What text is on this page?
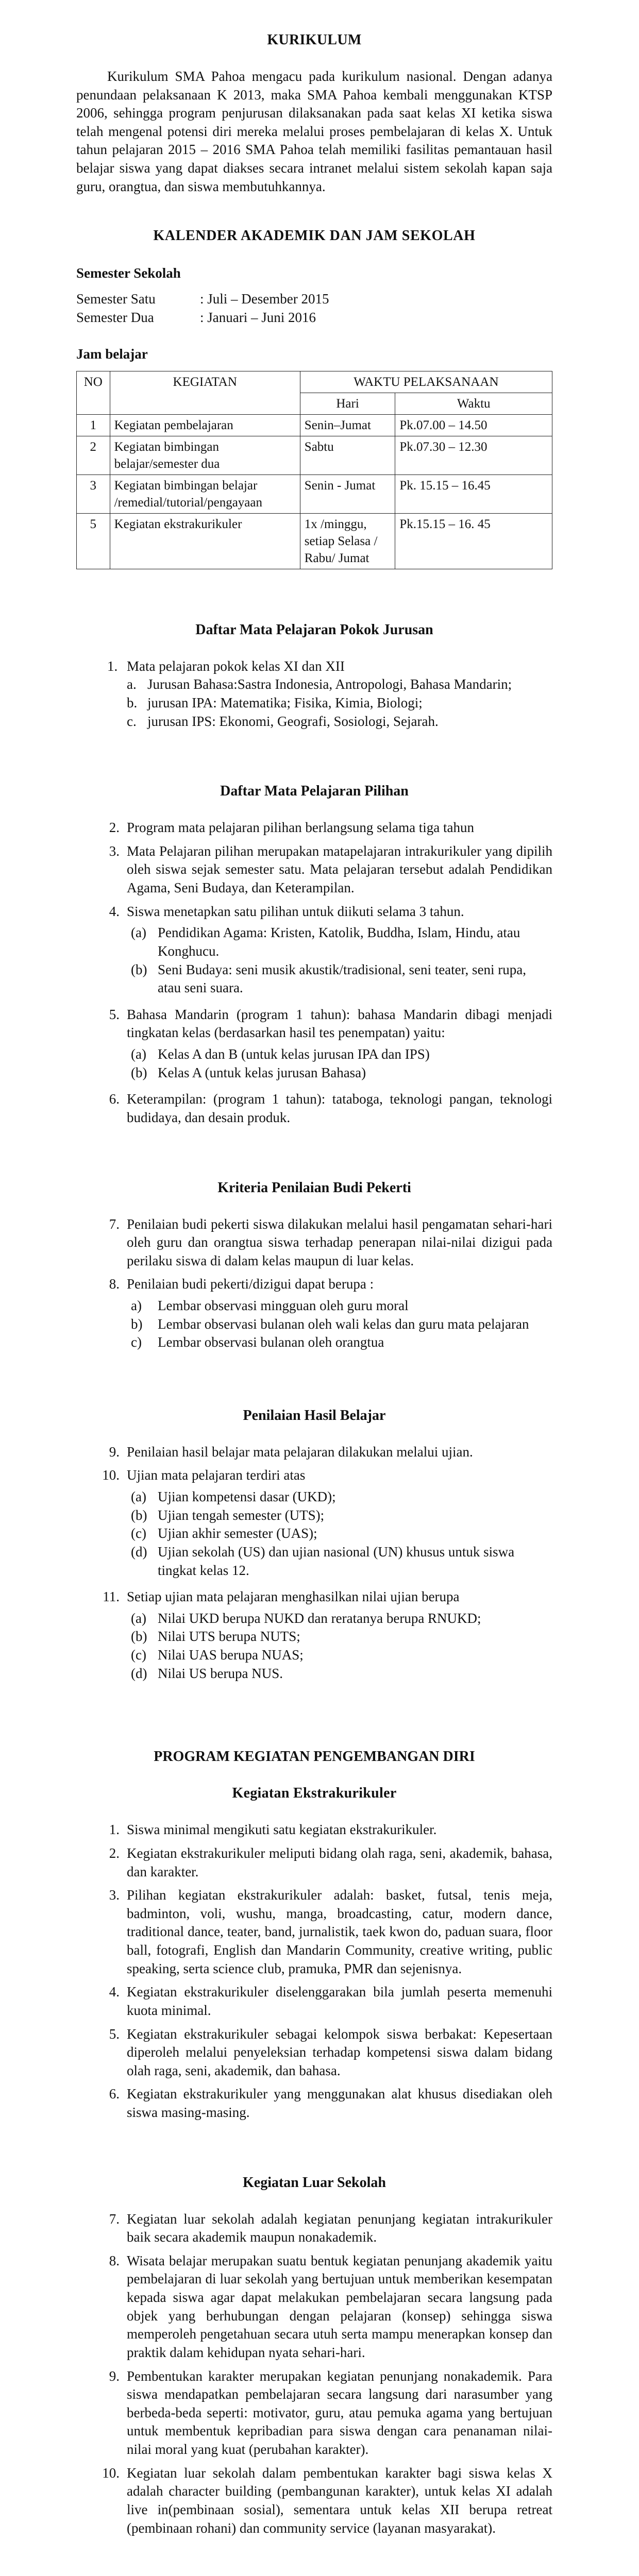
KURIKULUM

Kurikulum SMA Pahoa mengacu pada kurikulum nasional. Dengan adanya penundaan pelaksanaan K 2013, maka SMA Pahoa kembali menggunakan KTSP 2006, sehingga program penjurusan dilaksanakan pada saat kelas XI ketika siswa telah mengenal potensi diri mereka melalui proses pembelajaran di kelas X. Untuk tahun pelajaran 2015 – 2016 SMA Pahoa telah memiliki fasilitas pemantauan hasil belajar siswa yang dapat diakses secara intranet melalui sistem sekolah kapan saja guru, orangtua, dan siswa membutuhkannya.

KALENDER AKADEMIK DAN JAM SEKOLAH
Semester Sekolah
Semester Satu	: Juli – Desember 2015
Semester Dua	: Januari – Juni 2016
Jam belajar
NO	KEGIATAN	WAKTU PELAKSANAAN	
		Hari	Waktu
1	Kegiatan pembelajaran	Senin–Jumat	Pk.07.00 – 14.50
2	Kegiatan bimbingan belajar/semester dua	Sabtu	Pk.07.30 – 12.30
3	Kegiatan bimbingan belajar /remedial/tutorial/pengayaan	Senin - Jumat	Pk. 15.15 – 16.45
5	Kegiatan ekstrakurikuler	1x /minggu, setiap Selasa / Rabu/ Jumat	Pk.15.15 – 16. 45
Daftar Mata Pelajaran Pokok Jurusan
1. Mata pelajaran pokok kelas XI dan XII
a. Jurusan Bahasa:Sastra Indonesia, Antropologi, Bahasa Mandarin;
b. jurusan IPA: Matematika; Fisika, Kimia, Biologi;
c. jurusan IPS: Ekonomi, Geografi, Sosiologi, Sejarah.
Daftar Mata Pelajaran Pilihan
2. Program mata pelajaran pilihan berlangsung selama tiga tahun
3. Mata Pelajaran pilihan merupakan matapelajaran intrakurikuler yang dipilih oleh siswa sejak semester satu. Mata pelajaran tersebut adalah Pendidikan Agama, Seni Budaya, dan Keterampilan.
4. Siswa menetapkan satu pilihan untuk diikuti selama 3 tahun.
(a) Pendidikan Agama: Kristen, Katolik, Buddha, Islam, Hindu, atau Konghucu.
(b) Seni Budaya: seni musik akustik/tradisional, seni teater, seni rupa, atau seni suara.
5. Bahasa Mandarin (program 1 tahun): bahasa Mandarin dibagi menjadi tingkatan kelas (berdasarkan hasil tes penempatan) yaitu:
(a) Kelas A dan B (untuk kelas jurusan IPA dan IPS)
(b) Kelas A (untuk kelas jurusan Bahasa)
6. Keterampilan: (program 1 tahun): tataboga, teknologi pangan, teknologi budidaya, dan desain produk.
Kriteria Penilaian Budi Pekerti
7. Penilaian budi pekerti siswa dilakukan melalui hasil pengamatan sehari-hari oleh guru dan orangtua siswa terhadap penerapan nilai-nilai dizigui pada perilaku siswa di dalam kelas maupun di luar kelas.
8. Penilaian budi pekerti/dizigui dapat berupa :
a)	Lembar observasi mingguan oleh guru moral
b)	Lembar observasi bulanan oleh wali kelas dan guru mata pelajaran
c)	Lembar observasi bulanan oleh orangtua
Penilaian Hasil Belajar
9. Penilaian hasil belajar mata pelajaran dilakukan melalui ujian.
10. Ujian mata pelajaran terdiri atas
(a) Ujian kompetensi dasar (UKD);
(b) Ujian tengah semester (UTS);
(c) Ujian akhir semester (UAS);
(d) Ujian sekolah (US) dan ujian nasional (UN) khusus untuk siswa tingkat kelas 12.
11. Setiap ujian mata pelajaran menghasilkan nilai ujian berupa
(a) Nilai UKD berupa NUKD dan reratanya berupa RNUKD;
(b) Nilai UTS berupa NUTS;
(c) Nilai UAS berupa NUAS;
(d) Nilai US berupa NUS.
PROGRAM KEGIATAN PENGEMBANGAN DIRI
Kegiatan Ekstrakurikuler
1. Siswa minimal mengikuti satu kegiatan ekstrakurikuler.
2. Kegiatan ekstrakurikuler meliputi bidang olah raga, seni, akademik, bahasa, dan karakter.
3. Pilihan kegiatan ekstrakurikuler adalah: basket, futsal, tenis meja, badminton, voli, wushu, manga, broadcasting, catur, modern dance, traditional dance, teater, band, jurnalistik, taek kwon do, paduan suara, floor ball, fotografi, English dan Mandarin Community, creative writing, public speaking, serta science club, pramuka, PMR dan sejenisnya.
4. Kegiatan ekstrakurikuler diselenggarakan bila jumlah peserta memenuhi kuota minimal.
5. Kegiatan ekstrakurikuler sebagai kelompok siswa berbakat: Kepesertaan diperoleh melalui penyeleksian terhadap kompetensi siswa dalam bidang olah raga, seni, akademik, dan bahasa.
6. Kegiatan ekstrakurikuler yang menggunakan alat khusus disediakan oleh siswa masing-masing.
Kegiatan Luar Sekolah
7. Kegiatan luar sekolah adalah kegiatan penunjang kegiatan intrakurikuler baik secara akademik maupun nonakademik.
8. Wisata belajar merupakan suatu bentuk kegiatan penunjang akademik yaitu pembelajaran di luar sekolah yang bertujuan untuk memberikan kesempatan kepada siswa agar dapat melakukan pembelajaran secara langsung pada objek yang berhubungan dengan pelajaran (konsep) sehingga siswa memperoleh pengetahuan secara utuh serta mampu menerapkan konsep dan praktik dalam kehidupan nyata sehari-hari.
9. Pembentukan karakter merupakan kegiatan penunjang nonakademik. Para siswa mendapatkan pembelajaran secara langsung dari narasumber yang berbeda-beda seperti: motivator, guru, atau pemuka agama yang bertujuan untuk membentuk kepribadian para siswa dengan cara penanaman nilai-nilai moral yang kuat (perubahan karakter).
10. Kegiatan luar sekolah dalam pembentukan karakter bagi siswa kelas X adalah character building (pembangunan karakter), untuk kelas XI adalah live in(pembinaan sosial), sementara untuk kelas XII berupa retreat (pembinaan rohani) dan community service (layanan masyarakat).
